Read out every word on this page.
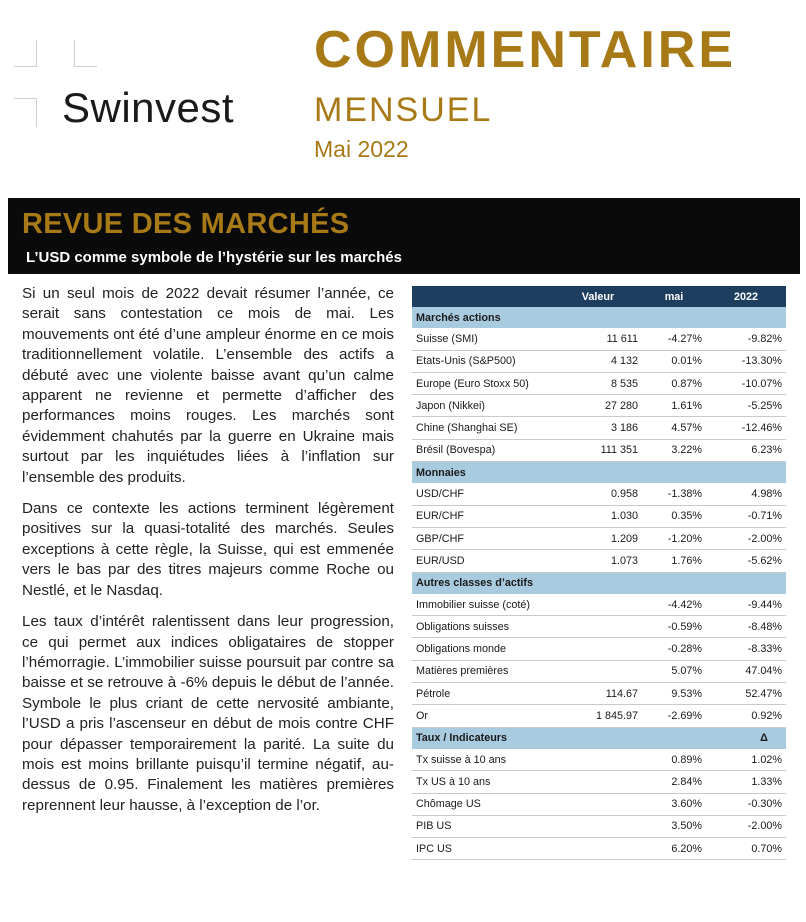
Swinvest
COMMENTAIRE
MENSUEL
Mai 2022
REVUE DES MARCHÉS
L’USD comme symbole de l’hystérie sur les marchés

Si un seul mois de 2022 devait résumer l’année, ce serait sans contestation ce mois de mai. Les mouvements ont été d’une ampleur énorme en ce mois traditionnellement volatile. L’ensemble des actifs a débuté avec une violente baisse avant qu’un calme apparent ne revienne et permette d’afficher des performances moins rouges. Les marchés sont évidemment chahutés par la guerre en Ukraine mais surtout par les inquiétudes liées à l’inflation sur l’ensemble des produits.

Dans ce contexte les actions terminent légèrement positives sur la quasi-totalité des marchés. Seules exceptions à cette règle, la Suisse, qui est emmenée vers le bas par des titres majeurs comme Roche ou Nestlé, et le Nasdaq.

Les taux d’intérêt ralentissent dans leur progression, ce qui permet aux indices obligataires de stopper l’hémorragie. L’immobilier suisse poursuit par contre sa baisse et se retrouve à -6% depuis le début de l’année. Symbole le plus criant de cette nervosité ambiante, l’USD a pris l’ascenseur en début de mois contre CHF pour dépasser temporairement la parité. La suite du mois est moins brillante puisqu’il termine négatif, au-dessus de 0.95. Finalement les matières premières reprennent leur hausse, à l’exception de l’or.

	Valeur	mai	2022
Marchés actions			
Suisse (SMI)	11 611	-4.27%	-9.82%
Etats-Unis (S&P500)	4 132	0.01%	-13.30%
Europe (Euro Stoxx 50)	8 535	0.87%	-10.07%
Japon (Nikkei)	27 280	1.61%	-5.25%
Chine (Shanghai SE)	3 186	4.57%	-12.46%
Brésil (Bovespa)	111 351	3.22%	6.23%
Monnaies			
USD/CHF	0.958	-1.38%	4.98%
EUR/CHF	1.030	0.35%	-0.71%
GBP/CHF	1.209	-1.20%	-2.00%
EUR/USD	1.073	1.76%	-5.62%
Autres classes d’actifs			
Immobilier suisse (coté)		-4.42%	-9.44%
Obligations suisses		-0.59%	-8.48%
Obligations monde		-0.28%	-8.33%
Matières premières		5.07%	47.04%
Pétrole	114.67	9.53%	52.47%
Or	1 845.97	-2.69%	0.92%
Taux / Indicateurs			Δ
Tx suisse à 10 ans		0.89%	1.02%
Tx US à 10 ans		2.84%	1.33%
Chômage US		3.60%	-0.30%
PIB US		3.50%	-2.00%
IPC US		6.20%	0.70%
